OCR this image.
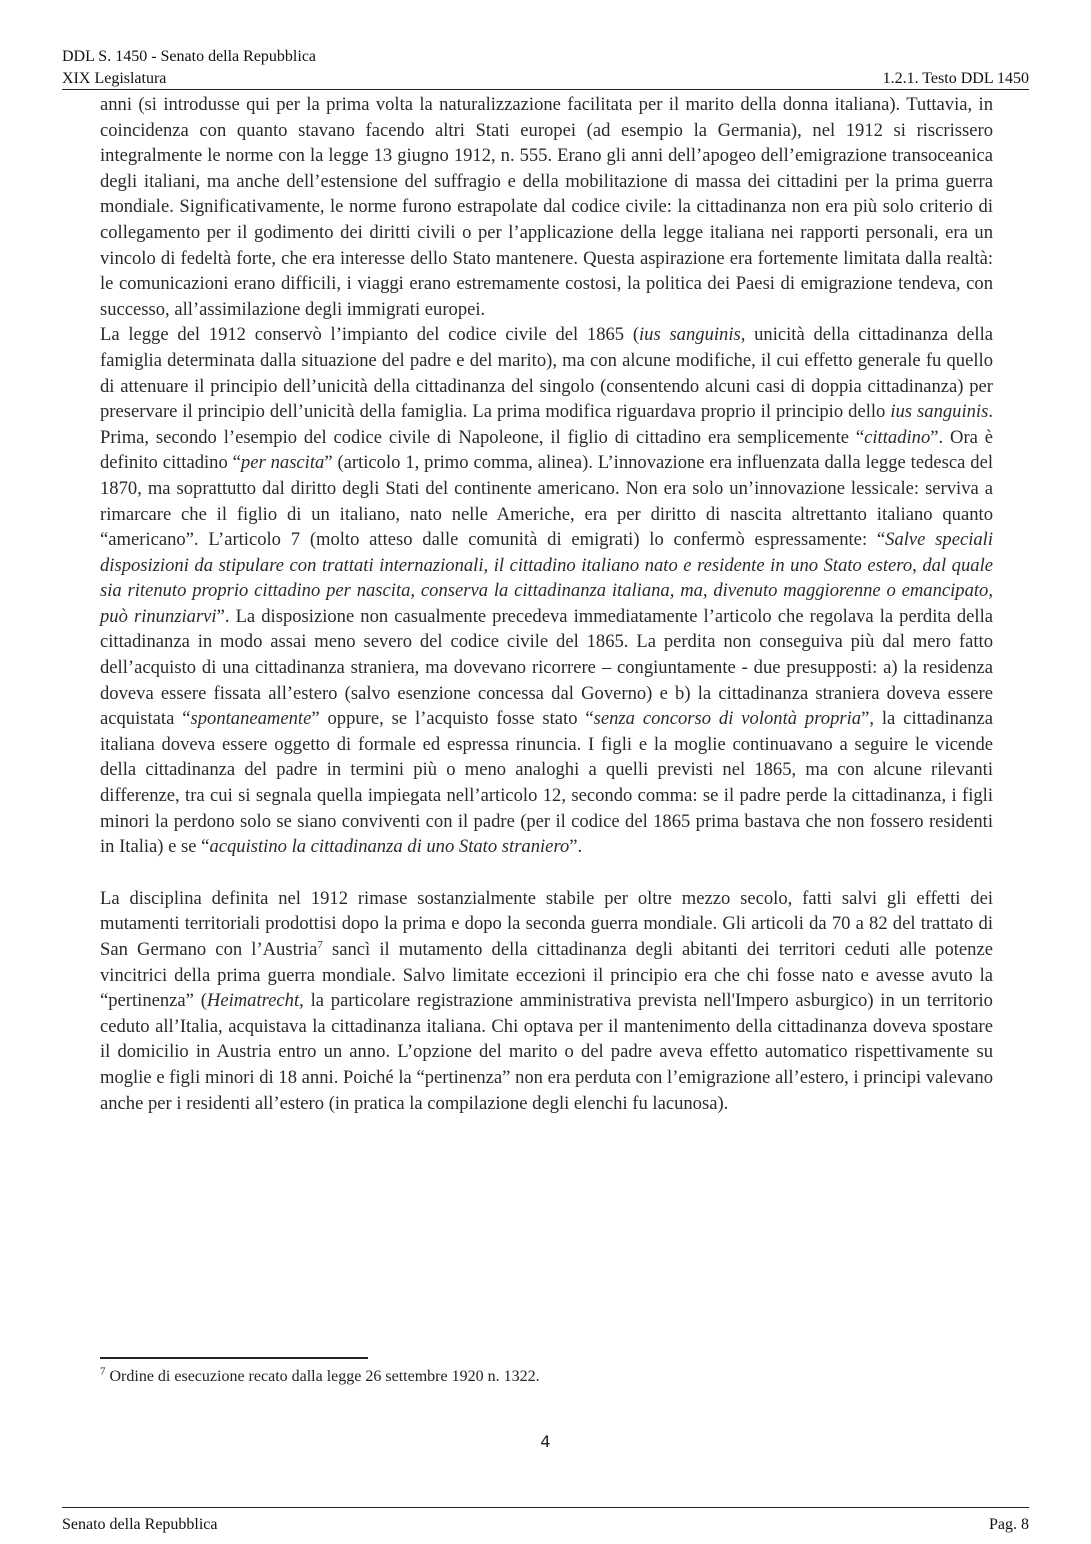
DDL S. 1450 - Senato della Repubblica
XIX Legislatura	1.2.1. Testo DDL 1450

anni (si introdusse qui per la prima volta la naturalizzazione facilitata per il marito della donna italiana). Tuttavia, in coincidenza con quanto stavano facendo altri Stati europei (ad esempio la Germania), nel 1912 si riscrissero integralmente le norme con la legge 13 giugno 1912, n. 555. Erano gli anni dell’apogeo dell’emigrazione transoceanica degli italiani, ma anche dell’estensione del suffragio e della mobilitazione di massa dei cittadini per la prima guerra mondiale. Significativamente, le norme furono estrapolate dal codice civile: la cittadinanza non era più solo criterio di collegamento per il godimento dei diritti civili o per l’applicazione della legge italiana nei rapporti personali, era un vincolo di fedeltà forte, che era interesse dello Stato mantenere. Questa aspirazione era fortemente limitata dalla realtà: le comunicazioni erano difficili, i viaggi erano estremamente costosi, la politica dei Paesi di emigrazione tendeva, con successo, all’assimilazione degli immigrati europei.

La legge del 1912 conservò l’impianto del codice civile del 1865 (ius sanguinis, unicità della cittadinanza della famiglia determinata dalla situazione del padre e del marito), ma con alcune modifiche, il cui effetto generale fu quello di attenuare il principio dell’unicità della cittadinanza del singolo (consentendo alcuni casi di doppia cittadinanza) per preservare il principio dell’unicità della famiglia. La prima modifica riguardava proprio il principio dello ius sanguinis. Prima, secondo l’esempio del codice civile di Napoleone, il figlio di cittadino era semplicemente “cittadino”. Ora è definito cittadino “per nascita” (articolo 1, primo comma, alinea). L’innovazione era influenzata dalla legge tedesca del 1870, ma soprattutto dal diritto degli Stati del continente americano. Non era solo un’innovazione lessicale: serviva a rimarcare che il figlio di un italiano, nato nelle Americhe, era per diritto di nascita altrettanto italiano quanto “americano”. L’articolo 7 (molto atteso dalle comunità di emigrati) lo confermò espressamente: “Salve speciali disposizioni da stipulare con trattati internazionali, il cittadino italiano nato e residente in uno Stato estero, dal quale sia ritenuto proprio cittadino per nascita, conserva la cittadinanza italiana, ma, divenuto maggiorenne o emancipato, può rinunziarvi”. La disposizione non casualmente precedeva immediatamente l’articolo che regolava la perdita della cittadinanza in modo assai meno severo del codice civile del 1865. La perdita non conseguiva più dal mero fatto dell’acquisto di una cittadinanza straniera, ma dovevano ricorrere – congiuntamente - due presupposti: a) la residenza doveva essere fissata all’estero (salvo esenzione concessa dal Governo) e b) la cittadinanza straniera doveva essere acquistata “spontaneamente” oppure, se l’acquisto fosse stato “senza concorso di volontà propria”, la cittadinanza italiana doveva essere oggetto di formale ed espressa rinuncia. I figli e la moglie continuavano a seguire le vicende della cittadinanza del padre in termini più o meno analoghi a quelli previsti nel 1865, ma con alcune rilevanti differenze, tra cui si segnala quella impiegata nell’articolo 12, secondo comma: se il padre perde la cittadinanza, i figli minori la perdono solo se siano conviventi con il padre (per il codice del 1865 prima bastava che non fossero residenti in Italia) e se “acquistino la cittadinanza di uno Stato straniero”.

La disciplina definita nel 1912 rimase sostanzialmente stabile per oltre mezzo secolo, fatti salvi gli effetti dei mutamenti territoriali prodottisi dopo la prima e dopo la seconda guerra mondiale. Gli articoli da 70 a 82 del trattato di San Germano con l’Austria$^7$ sancì il mutamento della cittadinanza degli abitanti dei territori ceduti alle potenze vincitrici della prima guerra mondiale. Salvo limitate eccezioni il principio era che chi fosse nato e avesse avuto la “pertinenza” (Heimatrecht, la particolare registrazione amministrativa prevista nell'Impero asburgico) in un territorio ceduto all’Italia, acquistava la cittadinanza italiana. Chi optava per il mantenimento della cittadinanza doveva spostare il domicilio in Austria entro un anno. L’opzione del marito o del padre aveva effetto automatico rispettivamente su moglie e figli minori di 18 anni. Poiché la “pertinenza” non era perduta con l’emigrazione all’estero, i principi valevano anche per i residenti all’estero (in pratica la compilazione degli elenchi fu lacunosa).

$^7$ Ordine di esecuzione recato dalla legge 26 settembre 1920 n. 1322.
4
Senato della Repubblica	Pag. 8
